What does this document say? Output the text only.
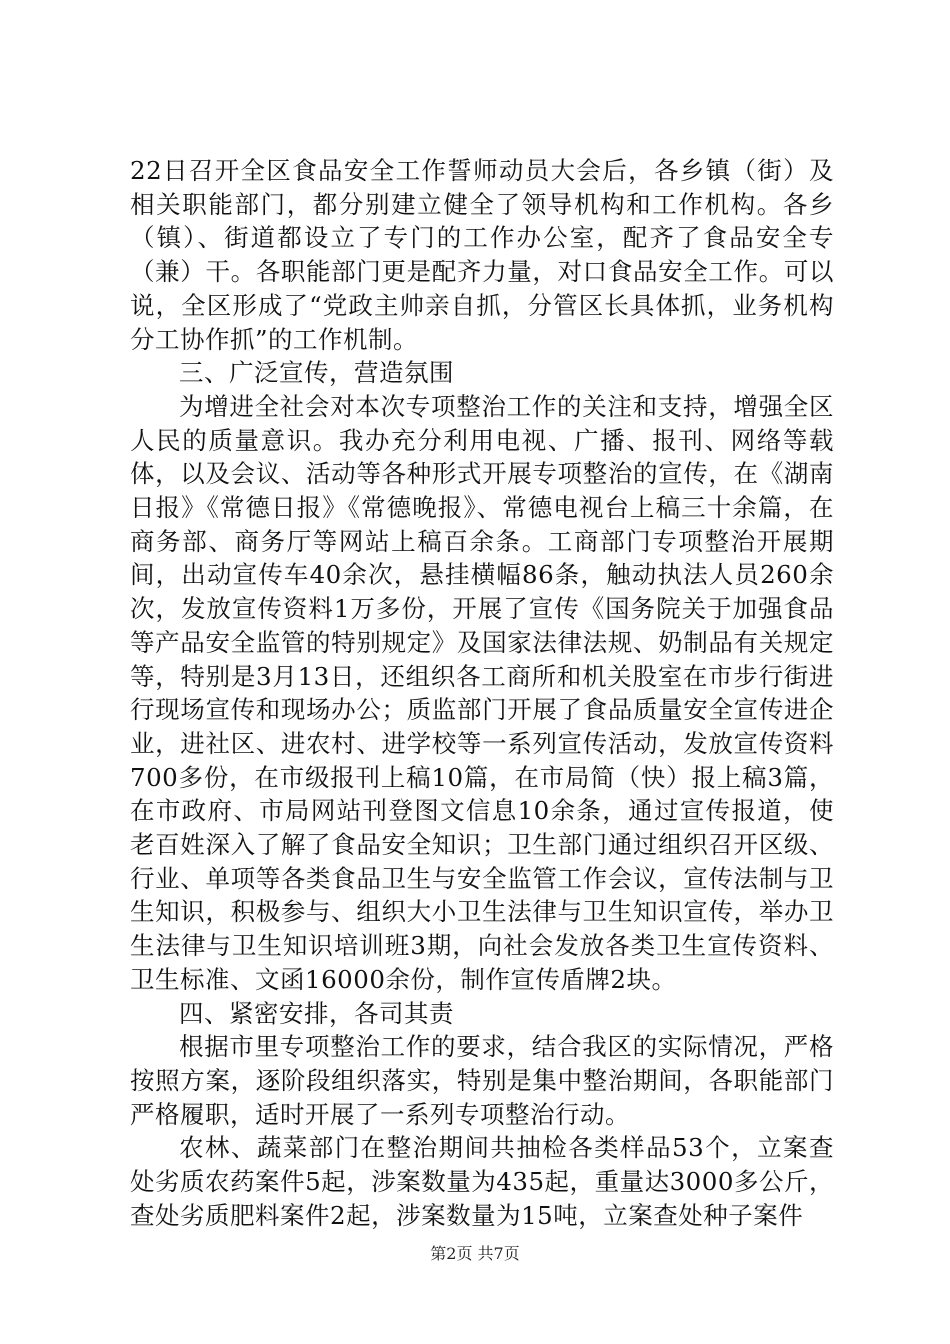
22日召开全区食品安全工作誓师动员大会后，各乡镇（街）及相关职能部门，都分别建立健全了领导机构和工作机构。各乡（镇）、街道都设立了专门的工作办公室，配齐了食品安全专（兼）干。各职能部门更是配齐力量，对口食品安全工作。可以说，全区形成了“党政主帅亲自抓，分管区长具体抓，业务机构分工协作抓”的工作机制。

三、广泛宣传，营造氛围

为增进全社会对本次专项整治工作的关注和支持，增强全区人民的质量意识。我办充分利用电视、广播、报刊、网络等载体，以及会议、活动等各种形式开展专项整治的宣传，在《湖南日报》《常德日报》《常德晚报》、常德电视台上稿三十余篇，在商务部、商务厅等网站上稿百余条。工商部门专项整治开展期间，出动宣传车40余次，悬挂横幅86条，触动执法人员260余次，发放宣传资料1万多份，开展了宣传《国务院关于加强食品等产品安全监管的特别规定》及国家法律法规、奶制品有关规定等，特别是3月13日，还组织各工商所和机关股室在市步行街进行现场宣传和现场办公；质监部门开展了食品质量安全宣传进企业，进社区、进农村、进学校等一系列宣传活动，发放宣传资料700多份，在市级报刊上稿10篇，在市局简（快）报上稿3篇，在市政府、市局网站刊登图文信息10余条，通过宣传报道，使老百姓深入了解了食品安全知识；卫生部门通过组织召开区级、行业、单项等各类食品卫生与安全监管工作会议，宣传法制与卫生知识，积极参与、组织大小卫生法律与卫生知识宣传，举办卫生法律与卫生知识培训班3期，向社会发放各类卫生宣传资料、卫生标准、文函16000余份，制作宣传盾牌2块。

四、紧密安排，各司其责

根据市里专项整治工作的要求，结合我区的实际情况，严格按照方案，逐阶段组织落实，特别是集中整治期间，各职能部门严格履职，适时开展了一系列专项整治行动。

农林、蔬菜部门在整治期间共抽检各类样品53个，立案查处劣质农药案件5起，涉案数量为435起，重量达3000多公斤，查处劣质肥料案件2起，涉案数量为15吨，立案查处种子案件

第2页 共7页
